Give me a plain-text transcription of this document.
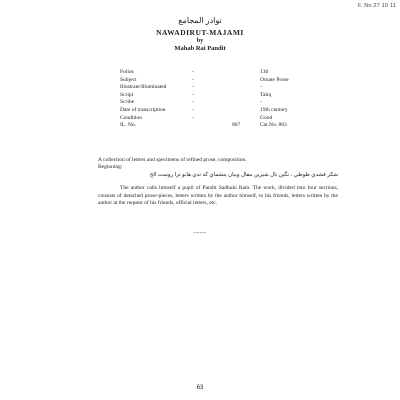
F. No.27 10 11
نوادر المجامع
NAWADIRUT-MAJAMI
by
Mahab Rai Pandit
Folios	-	130
Subject	-	Ornate Prose
Illustrate/Illuminated	-	-
Script	-	Taliq
Scribe	-	-
Date of transcription	-	19th century
Condition	-	Good
IL. No.	867	Cat.No. 883
A collection of letters and specimens of refined prose, composition.
Beginning:
شكر فشدي طوطي ، نگين بال شيرين مقال وبيان ينشماي كه تدي هابو ترا روست الخ
The author calls himself a pupil of Pandit Sadhuki Ram. The work, divided into four sections, consists of detached prose-pieces, letters written by the author himself, to his friends, letters written by the author at the request of his friends, official letters, etc.
~~~~
63
